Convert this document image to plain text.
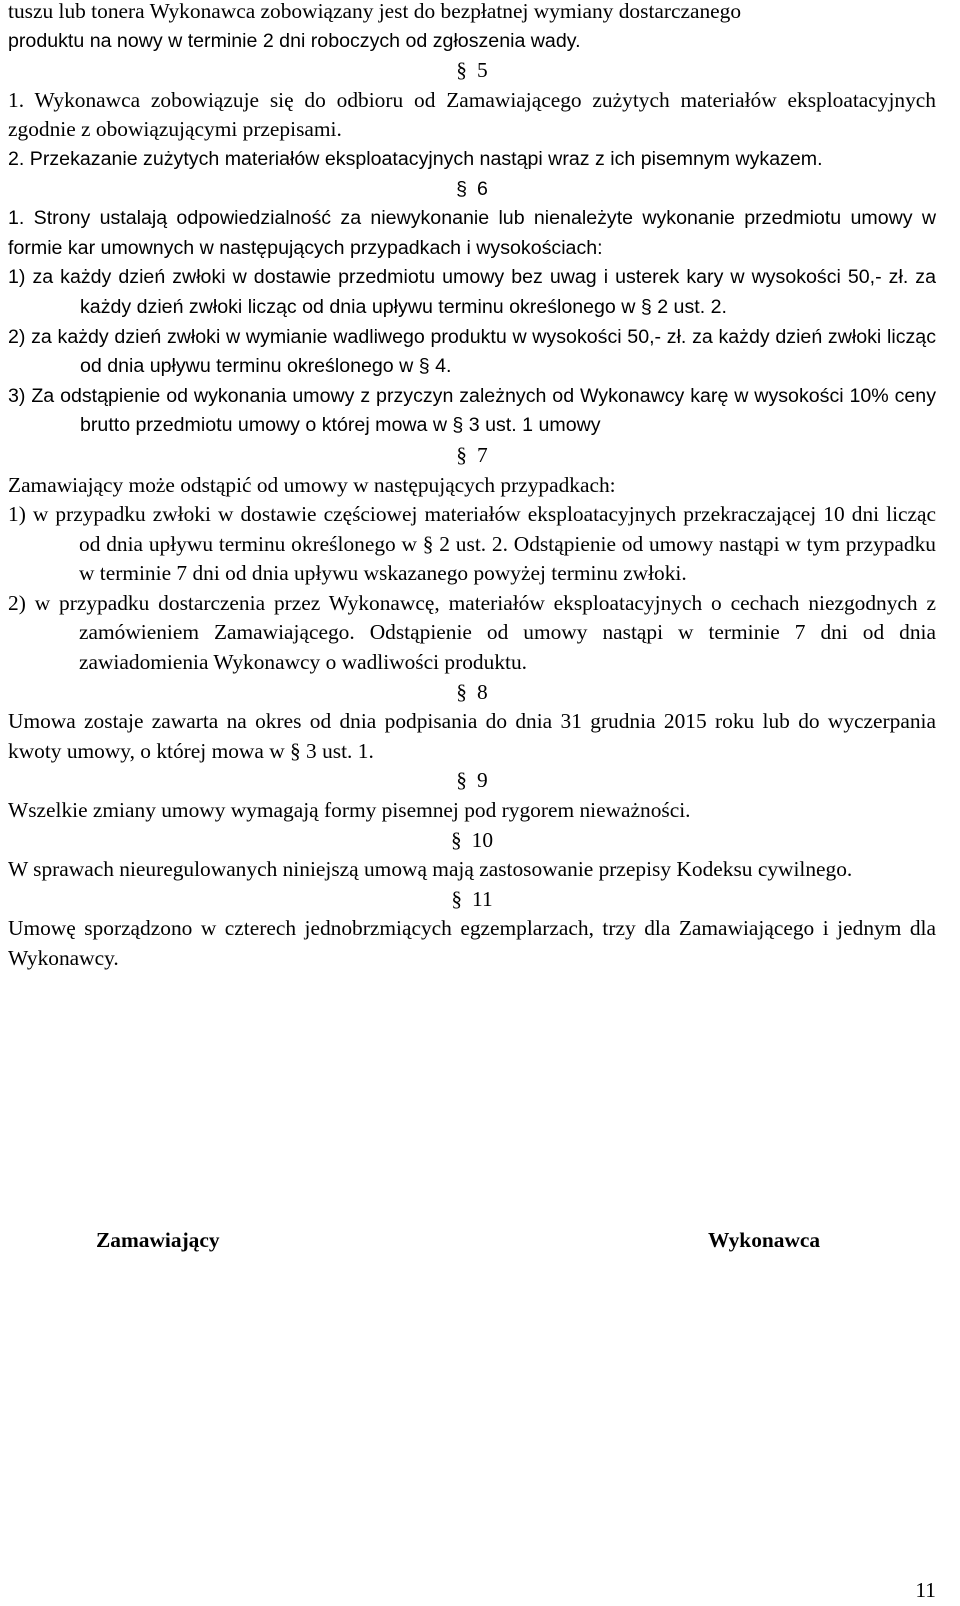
tuszu lub tonera Wykonawca zobowiązany jest do bezpłatnej wymiany dostarczanego

produktu na nowy w terminie 2 dni roboczych od zgłoszenia wady.

§ 5

1. Wykonawca zobowiązuje się do odbioru od Zamawiającego zużytych materiałów eksploatacyjnych zgodnie z obowiązującymi przepisami.

2. Przekazanie zużytych materiałów eksploatacyjnych nastąpi wraz z ich pisemnym wykazem.

§ 6

1. Strony ustalają odpowiedzialność za niewykonanie lub nienależyte wykonanie przedmiotu umowy w formie kar umownych w następujących przypadkach i wysokościach:

1) za każdy dzień zwłoki w dostawie przedmiotu umowy bez uwag i usterek kary w wysokości 50,- zł. za każdy dzień zwłoki licząc od dnia upływu terminu określonego w § 2 ust. 2.

2) za każdy dzień zwłoki w wymianie wadliwego produktu w wysokości 50,- zł. za każdy dzień zwłoki licząc od dnia upływu terminu określonego w § 4.

3) Za odstąpienie od wykonania umowy z przyczyn zależnych od Wykonawcy karę w wysokości 10% ceny brutto przedmiotu umowy o której mowa w § 3 ust. 1 umowy

§ 7

Zamawiający może odstąpić od umowy w następujących przypadkach:

1) w przypadku zwłoki w dostawie częściowej materiałów eksploatacyjnych przekraczającej 10 dni licząc od dnia upływu terminu określonego w § 2 ust. 2. Odstąpienie od umowy nastąpi w tym przypadku w terminie 7 dni od dnia upływu wskazanego powyżej terminu zwłoki.

2) w przypadku dostarczenia przez Wykonawcę, materiałów eksploatacyjnych o cechach niezgodnych z zamówieniem Zamawiającego. Odstąpienie od umowy nastąpi w terminie 7 dni od dnia zawiadomienia Wykonawcy o wadliwości produktu.

§ 8

Umowa zostaje zawarta na okres od dnia podpisania do dnia 31 grudnia 2015 roku lub do wyczerpania kwoty umowy, o której mowa w § 3 ust. 1.

§ 9

Wszelkie zmiany umowy wymagają formy pisemnej pod rygorem nieważności.

§ 10

W sprawach nieuregulowanych niniejszą umową mają zastosowanie przepisy Kodeksu cywilnego.

§ 11

Umowę sporządzono w czterech jednobrzmiących egzemplarzach, trzy dla Zamawiającego i jednym dla Wykonawcy.

Zamawiający	Wykonawca
11
